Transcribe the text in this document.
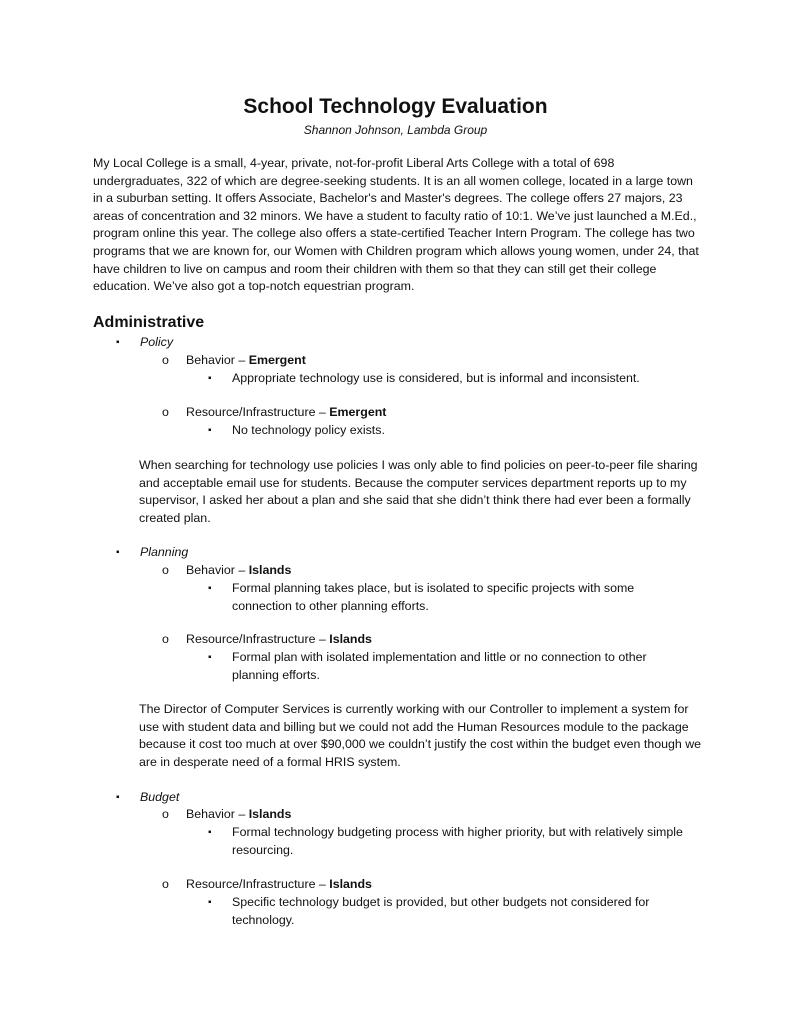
School Technology Evaluation
Shannon Johnson, Lambda Group

My Local College is a small, 4-year, private, not-for-profit Liberal Arts College with a total of 698 undergraduates, 322 of which are degree-seeking students. It is an all women college, located in a large town in a suburban setting. It offers Associate, Bachelor's and Master's degrees. The college offers 27 majors, 23 areas of concentration and 32 minors. We have a student to faculty ratio of 10:1. We’ve just launched a M.Ed., program online this year. The college also offers a state-certified Teacher Intern Program. The college has two programs that we are known for, our Women with Children program which allows young women, under 24, that have children to live on campus and room their children with them so that they can still get their college education. We’ve also got a top-notch equestrian program.

Administrative
▪ Policy
o Behavior – Emergent
▪ Appropriate technology use is considered, but is informal and inconsistent.
o Resource/Infrastructure – Emergent
▪ No technology policy exists.

When searching for technology use policies I was only able to find policies on peer-to-peer file sharing and acceptable email use for students. Because the computer services department reports up to my supervisor, I asked her about a plan and she said that she didn’t think there had ever been a formally created plan.

▪ Planning
o Behavior – Islands
▪ Formal planning takes place, but is isolated to specific projects with some connection to other planning efforts.
o Resource/Infrastructure – Islands
▪ Formal plan with isolated implementation and little or no connection to other planning efforts.

The Director of Computer Services is currently working with our Controller to implement a system for use with student data and billing but we could not add the Human Resources module to the package because it cost too much at over $90,000 we couldn’t justify the cost within the budget even though we are in desperate need of a formal HRIS system.

▪ Budget
o Behavior – Islands
▪ Formal technology budgeting process with higher priority, but with relatively simple resourcing.
o Resource/Infrastructure – Islands
▪ Specific technology budget is provided, but other budgets not considered for technology.
